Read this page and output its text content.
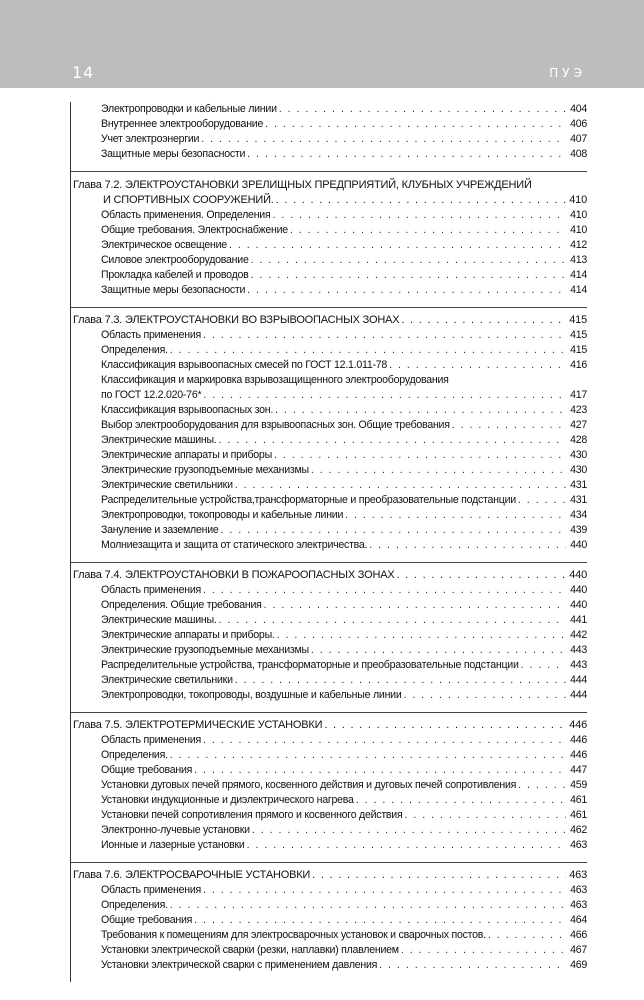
14	ПУЭ
Электропроводки и кабельные линии . . .	404
Внутреннее электрооборудование . . .	406
Учет электроэнергии . . .	407
Защитные меры безопасности . . .	408
Глава 7.2. ЭЛЕКТРОУСТАНОВКИ ЗРЕЛИЩНЫХ ПРЕДПРИЯТИЙ, КЛУБНЫХ УЧРЕЖДЕНИЙ
И СПОРТИВНЫХ СООРУЖЕНИЙ. . . .	410
Область применения. Определения . . .	410
Общие требования. Электроснабжение . . .	410
Электрическое освещение . . .	412
Силовое электрооборудование . . .	413
Прокладка кабелей и проводов . . .	414
Защитные меры безопасности . . .	414
Глава 7.3. ЭЛЕКТРОУСТАНОВКИ ВО ВЗРЫВООПАСНЫХ ЗОНАХ . . .	415
Область применения . . .	415
Определения. . . .	415
Классификация взрывоопасных смесей по ГОСТ 12.1.011-78 . . .	416
Классификация и маркировка взрывозащищенного электрооборудования
по ГОСТ 12.2.020-76* . . .	417
Классификация взрывоопасных зон. . . .	423
Выбор электрооборудования для взрывоопасных зон. Общие требования . . .	427
Электрические машины. . . .	428
Электрические аппараты и приборы . . .	430
Электрические грузоподъемные механизмы . . .	430
Электрические светильники . . .	431
Распределительные устройства,трансформаторные и преобразовательные подстанции . . .	431
Электропроводки, токопроводы и кабельные линии . . .	434
Зануление и заземление . . .	439
Молниезащита и защита от статического электричества. . . .	440
Глава 7.4. ЭЛЕКТРОУСТАНОВКИ В ПОЖАРООПАСНЫХ ЗОНАХ . . .	440
Область применения . . .	440
Определения. Общие требования . . .	440
Электрические машины. . . .	441
Электрические аппараты и приборы. . . .	442
Электрические грузоподъемные механизмы . . .	443
Распределительные устройства, трансформаторные и преобразовательные подстанции . . .	443
Электрические светильники . . .	444
Электропроводки, токопроводы, воздушные и кабельные линии . . .	444
Глава 7.5. ЭЛЕКТРОТЕРМИЧЕСКИЕ УСТАНОВКИ . . .	446
Область применения . . .	446
Определения. . . .	446
Общие требования . . .	447
Установки дуговых печей прямого, косвенного действия и дуговых печей сопротивления . . .	459
Установки индукционные и диэлектрического нагрева . . .	461
Установки печей сопротивления прямого и косвенного действия . . .	461
Электронно-лучевые установки . . .	462
Ионные и лазерные установки . . .	463
Глава 7.6. ЭЛЕКТРОСВАРОЧНЫЕ УСТАНОВКИ . . .	463
Область применения . . .	463
Определения. . . .	463
Общие требования . . .	464
Требования к помещениям для электросварочных установок и сварочных постов. . . .	466
Установки электрической сварки (резки, наплавки) плавлением . . .	467
Установки электрической сварки с применением давления . . .	469
